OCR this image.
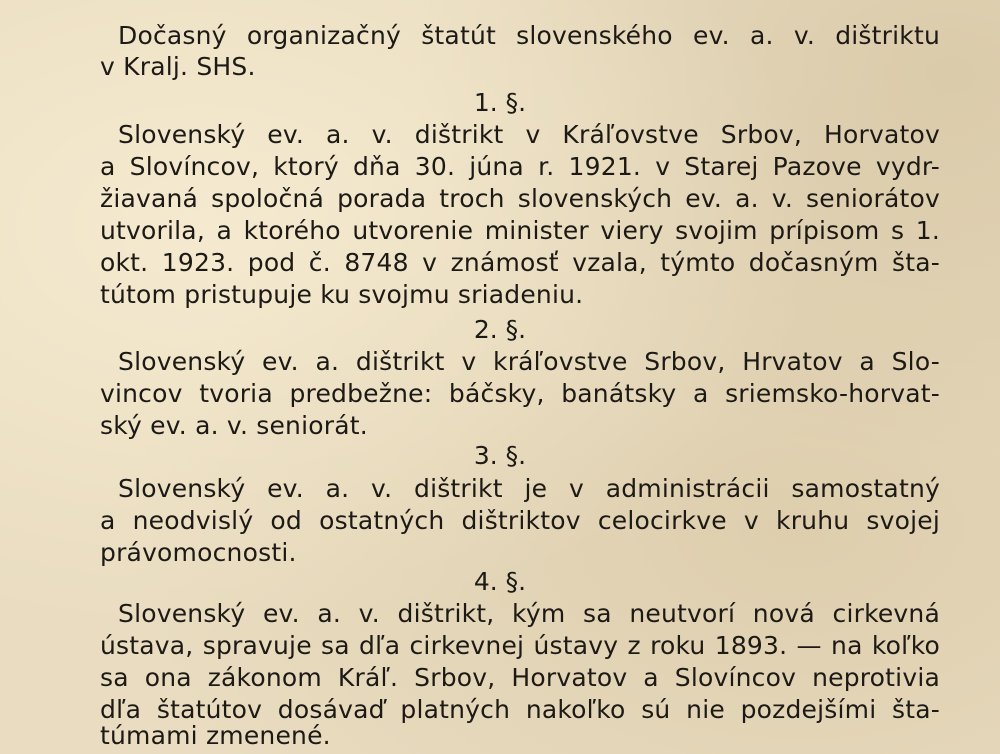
Dočasný organizačný štatút slovenského ev. a. v. dištriktu
v Kralj. SHS.
1. §.
Slovenský ev. a. v. dištrikt v Kráľovstve Srbov, Horvatov
a Slovíncov, ktorý dňa 30. júna r. 1921. v Starej Pazove vydr-
žiavaná spoločná porada troch slovenských ev. a. v. seniorátov
utvorila, a ktorého utvorenie minister viery svojim prípisom s 1.
okt. 1923. pod č. 8748 v známosť vzala, týmto dočasným šta-
tútom pristupuje ku svojmu sriadeniu.
2. §.
Slovenský ev. a. dištrikt v kráľovstve Srbov, Hrvatov a Slo-
vincov tvoria predbežne: báčsky, banátsky a sriemsko-horvat-
ský ev. a. v. seniorát.
3. §.
Slovenský ev. a. v. dištrikt je v administrácii samostatný
a neodvislý od ostatných dištriktov celocirkve v kruhu svojej
právomocnosti.
4. §.
Slovenský ev. a. v. dištrikt, kým sa neutvorí nová cirkevná
ústava, spravuje sa dľa cirkevnej ústavy z roku 1893. — na koľko
sa ona zákonom Kráľ. Srbov, Horvatov a Slovíncov neprotivia
dľa štatútov dosávaď platných nakoľko sú nie pozdejšími šta-
túmami zmenené.
